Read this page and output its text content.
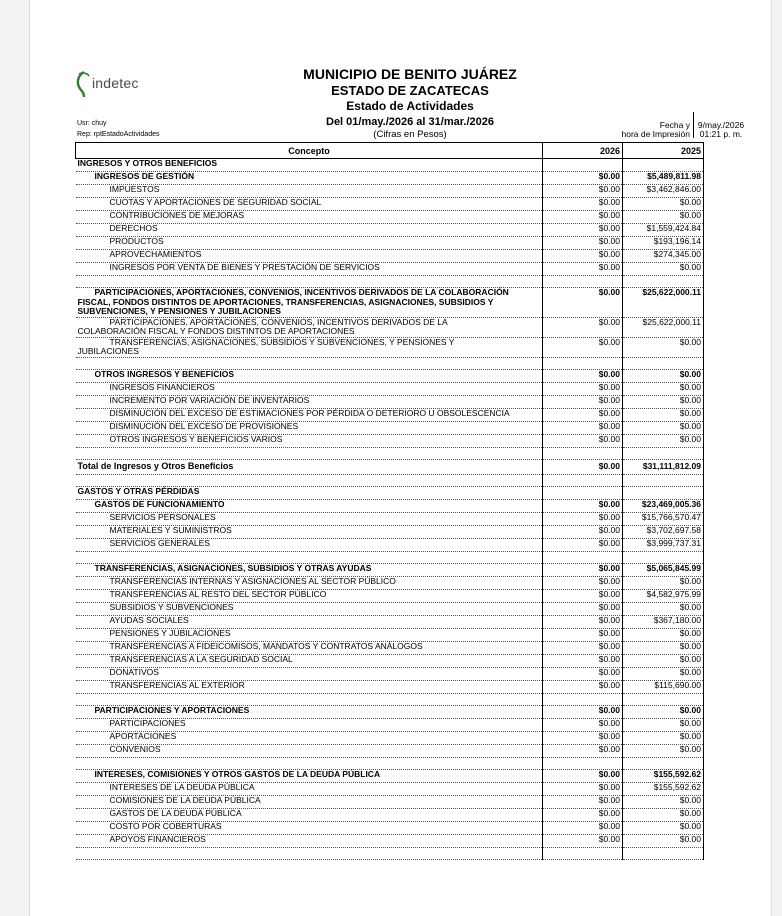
indetec
MUNICIPIO DE BENITO JUÁREZ
ESTADO DE ZACATECAS
Estado de Actividades
Del 01/may./2026 al 31/mar./2026
(Cifras en Pesos)
Usr: chuy
Rep: rptEstadoActividades
Fecha y
hora de Impresión
9/may./2026
01:21 p. m.
Concepto	2026	2025
INGRESOS Y OTROS BENEFICIOS		
INGRESOS DE GESTIÓN	$0.00	$5,489,811.98
IMPUESTOS	$0.00	$3,462,846.00
CUOTAS Y APORTACIONES DE SEGURIDAD SOCIAL	$0.00	$0.00
CONTRIBUCIONES DE MEJORAS	$0.00	$0.00
DERECHOS	$0.00	$1,559,424.84
PRODUCTOS	$0.00	$193,196.14
APROVECHAMIENTOS	$0.00	$274,345.00
INGRESOS POR VENTA DE BIENES Y PRESTACIÓN DE SERVICIOS	$0.00	$0.00

PARTICIPACIONES, APORTACIONES, CONVENIOS, INCENTIVOS DERIVADOS DE LA COLABORACIÓN FISCAL, FONDOS DISTINTOS DE APORTACIONES, TRANSFERENCIAS, ASIGNACIONES, SUBSIDIOS Y SUBVENCIONES, Y PENSIONES Y JUBILACIONES	$0.00	$25,622,000.11
PARTICIPACIONES, APORTACIONES, CONVENIOS, INCENTIVOS DERIVADOS DE LA COLABORACIÓN FISCAL Y FONDOS DISTINTOS DE APORTACIONES	$0.00	$25,622,000.11
TRANSFERENCIAS, ASIGNACIONES, SUBSIDIOS Y SUBVENCIONES, Y PENSIONES Y JUBILACIONES	$0.00	$0.00

OTROS INGRESOS Y BENEFICIOS	$0.00	$0.00
INGRESOS FINANCIEROS	$0.00	$0.00
INCREMENTO POR VARIACIÓN DE INVENTARIOS	$0.00	$0.00
DISMINUCIÓN DEL EXCESO DE ESTIMACIONES POR PÉRDIDA O DETERIORO U OBSOLESCENCIA	$0.00	$0.00
DISMINUCIÓN DEL EXCESO DE PROVISIONES	$0.00	$0.00
OTROS INGRESOS Y BENEFICIOS VARIOS	$0.00	$0.00

Total de Ingresos y Otros Beneficios	$0.00	$31,111,812.09

GASTOS Y OTRAS PÉRDIDAS		
GASTOS DE FUNCIONAMIENTO	$0.00	$23,469,005.36
SERVICIOS PERSONALES	$0.00	$15,766,570.47
MATERIALES Y SUMINISTROS	$0.00	$3,702,697.58
SERVICIOS GENERALES	$0.00	$3,999,737.31

TRANSFERENCIAS, ASIGNACIONES, SUBSIDIOS Y OTRAS AYUDAS	$0.00	$5,065,845.99
TRANSFERENCIAS INTERNAS Y ASIGNACIONES AL SECTOR PÚBLICO	$0.00	$0.00
TRANSFERENCIAS AL RESTO DEL SECTOR PÚBLICO	$0.00	$4,582,975.99
SUBSIDIOS Y SUBVENCIONES	$0.00	$0.00
AYUDAS SOCIALES	$0.00	$367,180.00
PENSIONES Y JUBILACIONES	$0.00	$0.00
TRANSFERENCIAS A FIDEICOMISOS, MANDATOS Y CONTRATOS ANÁLOGOS	$0.00	$0.00
TRANSFERENCIAS A LA SEGURIDAD SOCIAL	$0.00	$0.00
DONATIVOS	$0.00	$0.00
TRANSFERENCIAS AL EXTERIOR	$0.00	$115,690.00

PARTICIPACIONES Y APORTACIONES	$0.00	$0.00
PARTICIPACIONES	$0.00	$0.00
APORTACIONES	$0.00	$0.00
CONVENIOS	$0.00	$0.00

INTERESES, COMISIONES Y OTROS GASTOS DE LA DEUDA PÚBLICA	$0.00	$155,592.62
INTERESES DE LA DEUDA PÚBLICA	$0.00	$155,592.62
COMISIONES DE LA DEUDA PÚBLICA	$0.00	$0.00
GASTOS DE LA DEUDA PÚBLICA	$0.00	$0.00
COSTO POR COBERTURAS	$0.00	$0.00
APOYOS FINANCIEROS	$0.00	$0.00
